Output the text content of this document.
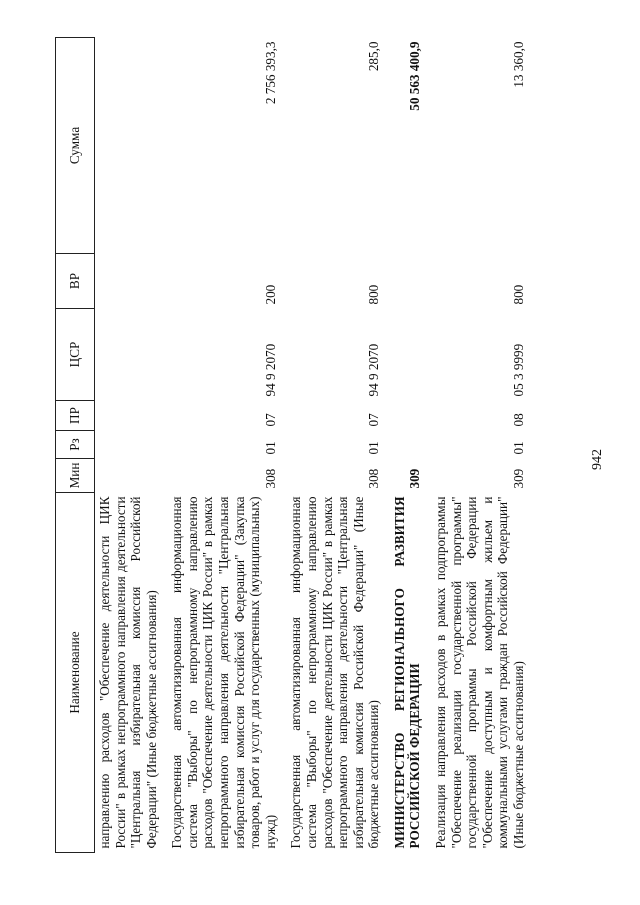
942
Наименование	Мин	Рз	ПР	ЦСР	ВР	Сумма
направлению расходов "Обеспечение деятельности ЦИК России" в рамках непрограммного направления деятельности "Центральная избирательная комиссия Российской Федерации" (Иные бюджетные ассигнования)						
Государственная автоматизированная информационная система "Выборы" по непрограммному направлению расходов "Обеспечение деятельности ЦИК России" в рамках непрограммного направления деятельности "Центральная избирательная комиссия Российской Федерации" (Закупка товаров, работ и услуг для государственных (муниципальных) нужд)	308	01	07	94 9 2070	200	2 756 393,3
Государственная автоматизированная информационная система "Выборы" по непрограммному направлению расходов "Обеспечение деятельности ЦИК России" в рамках непрограммного направления деятельности "Центральная избирательная комиссия Российской Федерации" (Иные бюджетные ассигнования)	308	01	07	94 9 2070	800	285,0
МИНИСТЕРСТВО РЕГИОНАЛЬНОГО РАЗВИТИЯ РОССИЙСКОЙ ФЕДЕРАЦИИ	309					50 563 400,9
Реализация направления расходов в рамках подпрограммы "Обеспечение реализации государственной программы" государственной программы Российской Федерации "Обеспечение доступным и комфортным жильем и коммунальными услугами граждан Российской Федерации" (Иные бюджетные ассигнования)	309	01	08	05 3 9999	800	13 360,0
